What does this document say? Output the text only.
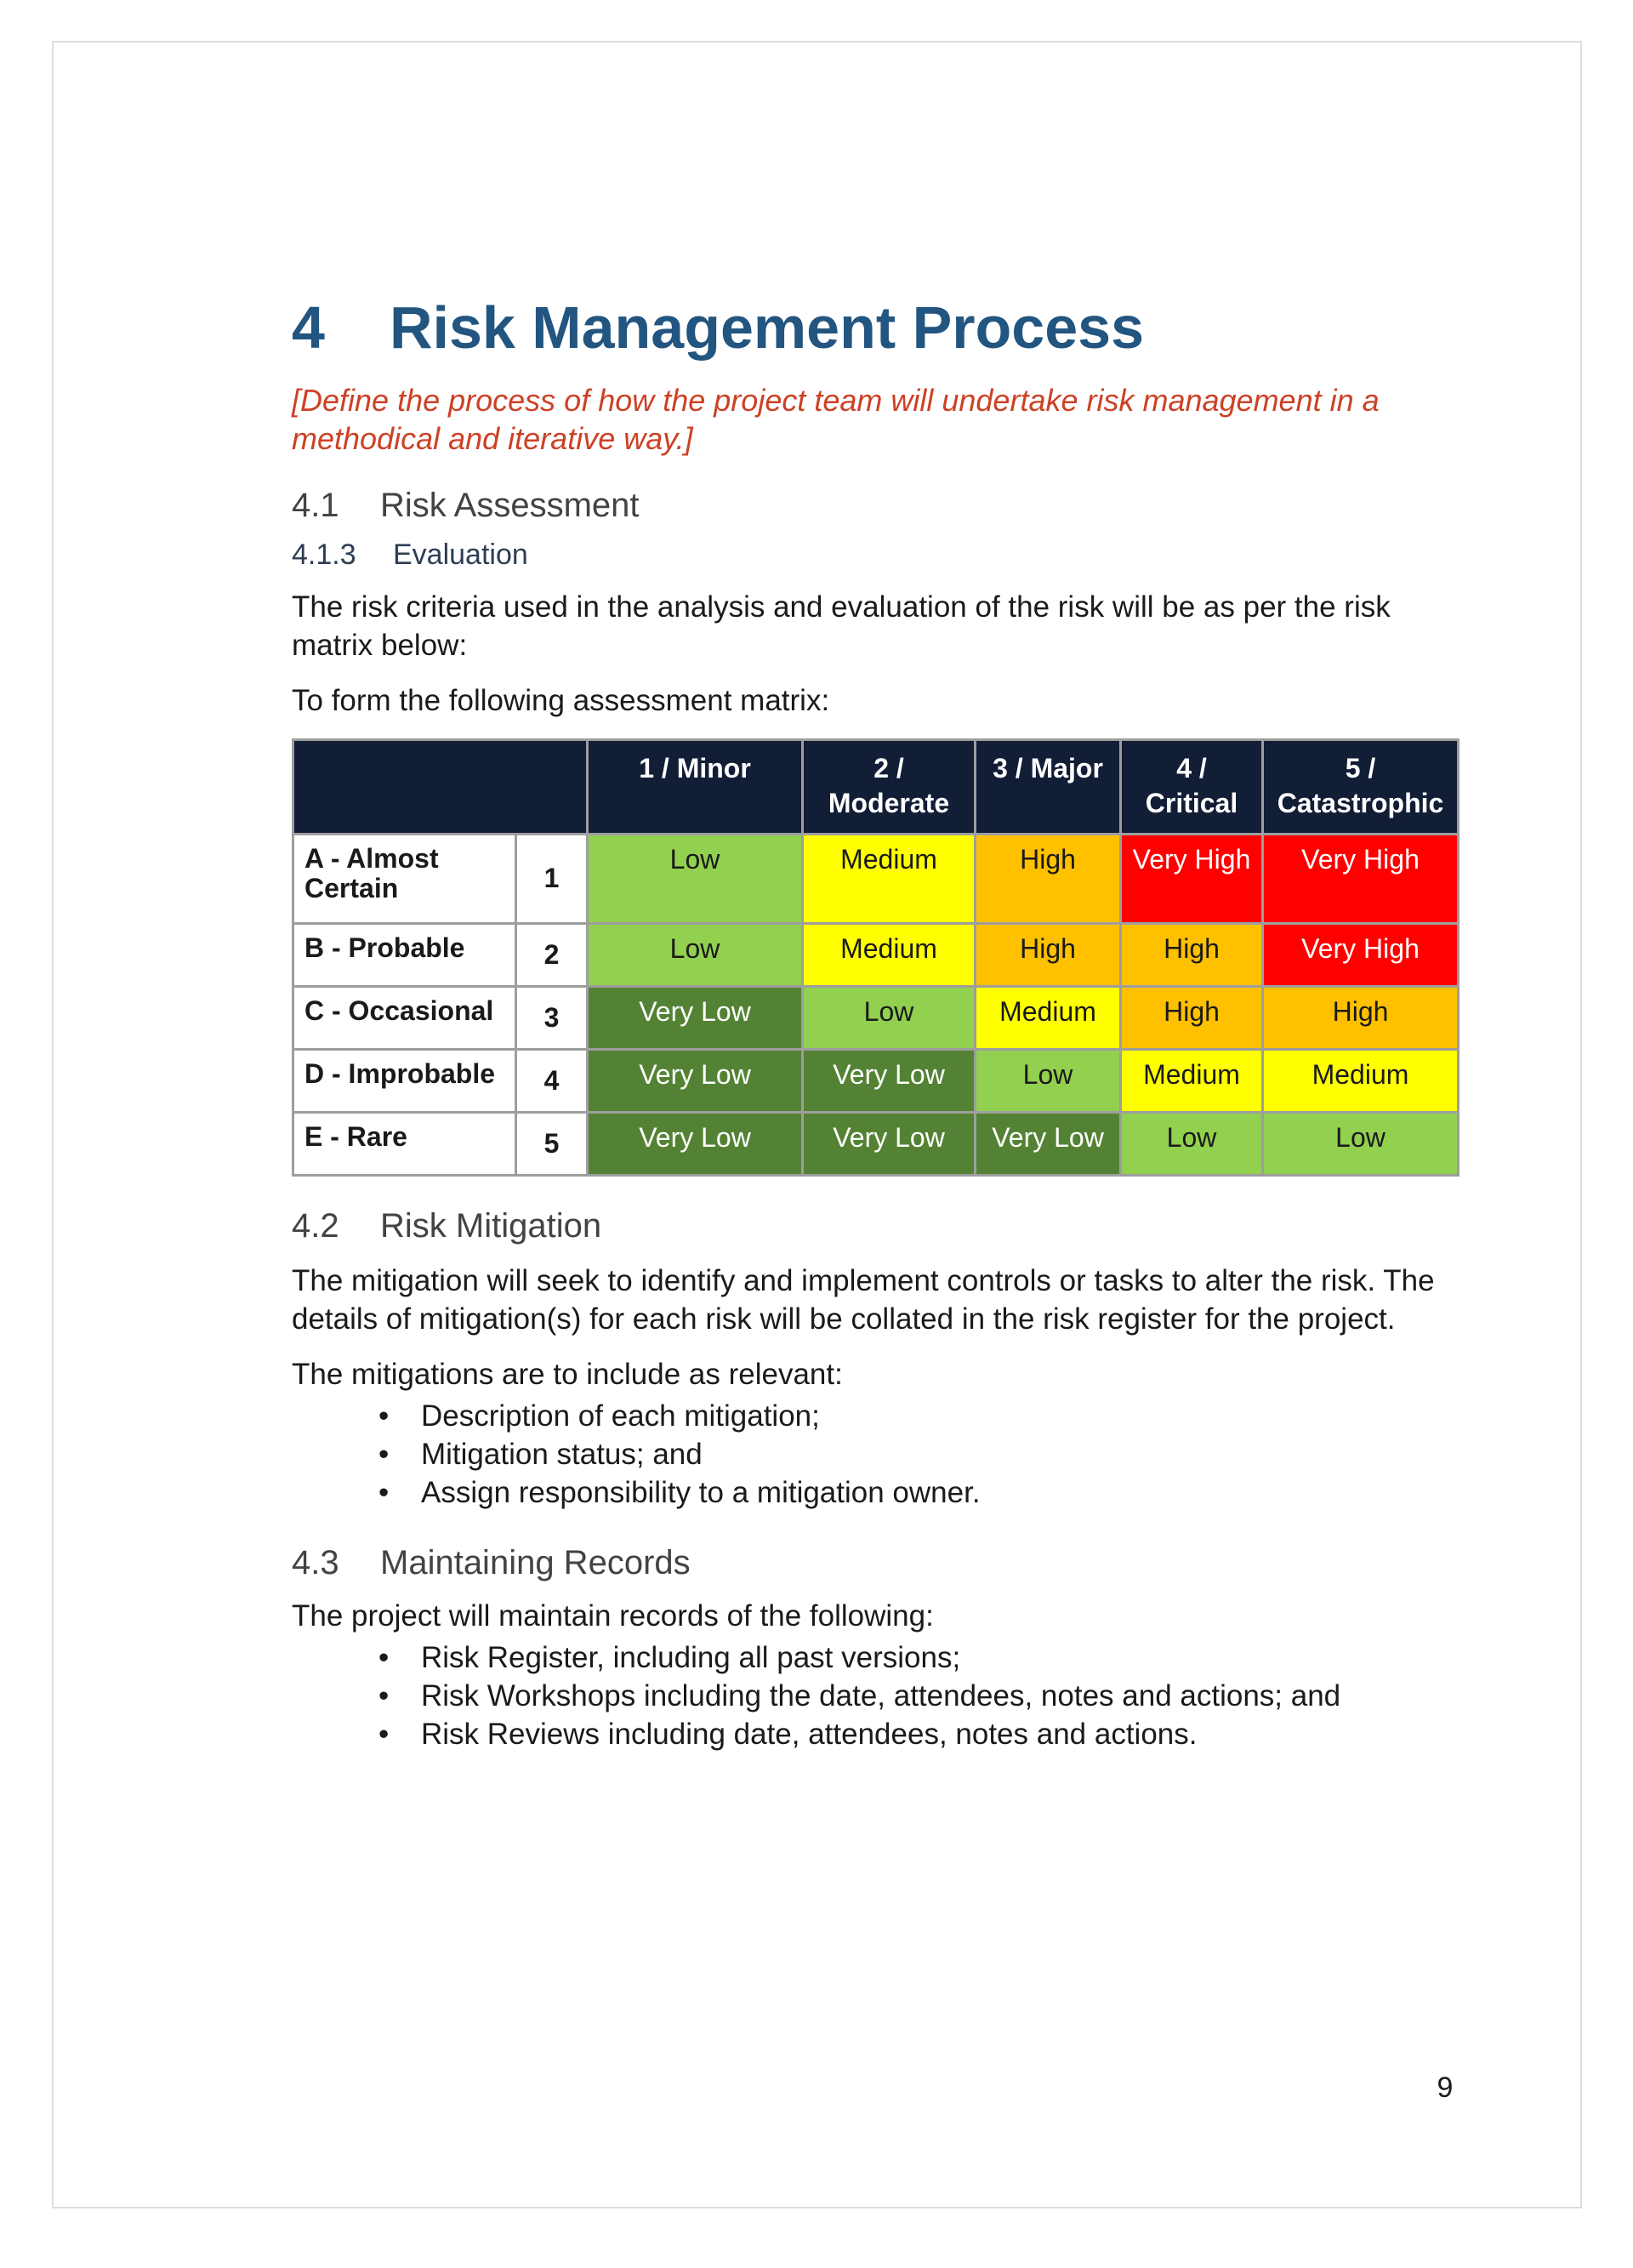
4	Risk Management Process
[Define the process of how the project team will undertake risk management in a methodical and iterative way.]
4.1	Risk Assessment
4.1.3	Evaluation
The risk criteria used in the analysis and evaluation of the risk will be as per the risk matrix below:
To form the following assessment matrix:
		1 / Minor	2 / Moderate	3 / Major	4 / Critical	5 / Catastrophic
A - Almost Certain	1	Low	Medium	High	Very High	Very High
B - Probable	2	Low	Medium	High	High	Very High
C - Occasional	3	Very Low	Low	Medium	High	High
D - Improbable	4	Very Low	Very Low	Low	Medium	Medium
E - Rare	5	Very Low	Very Low	Very Low	Low	Low
4.2	Risk Mitigation
The mitigation will seek to identify and implement controls or tasks to alter the risk. The details of mitigation(s) for each risk will be collated in the risk register for the project.
The mitigations are to include as relevant:
• Description of each mitigation;
• Mitigation status; and
• Assign responsibility to a mitigation owner.
4.3	Maintaining Records
The project will maintain records of the following:
• Risk Register, including all past versions;
• Risk Workshops including the date, attendees, notes and actions; and
• Risk Reviews including date, attendees, notes and actions.
9
